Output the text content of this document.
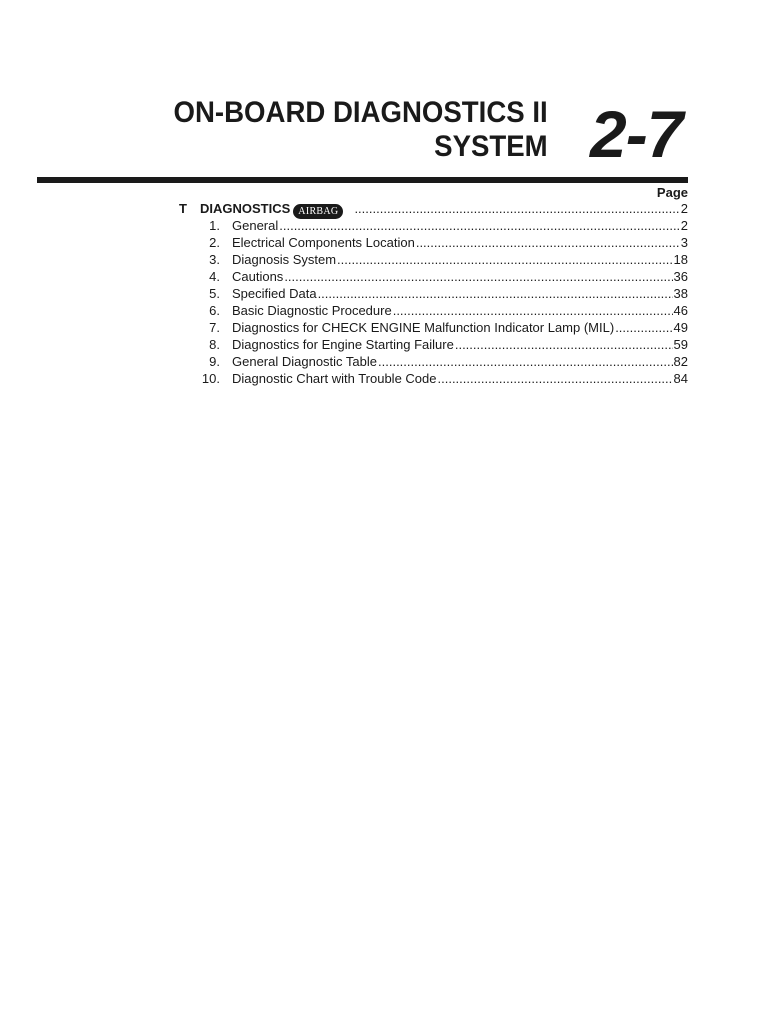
ON-BOARD DIAGNOSTICS II
SYSTEM 2-7
Page
T	DIAGNOSTICS AIRBAG .....	2
1. General .....	2
2. Electrical Components Location .....	3
3. Diagnosis System .....	18
4. Cautions .....	36
5. Specified Data .....	38
6. Basic Diagnostic Procedure .....	46
7. Diagnostics for CHECK ENGINE Malfunction Indicator Lamp (MIL) .....	49
8. Diagnostics for Engine Starting Failure .....	59
9. General Diagnostic Table .....	82
10. Diagnostic Chart with Trouble Code .....	84
